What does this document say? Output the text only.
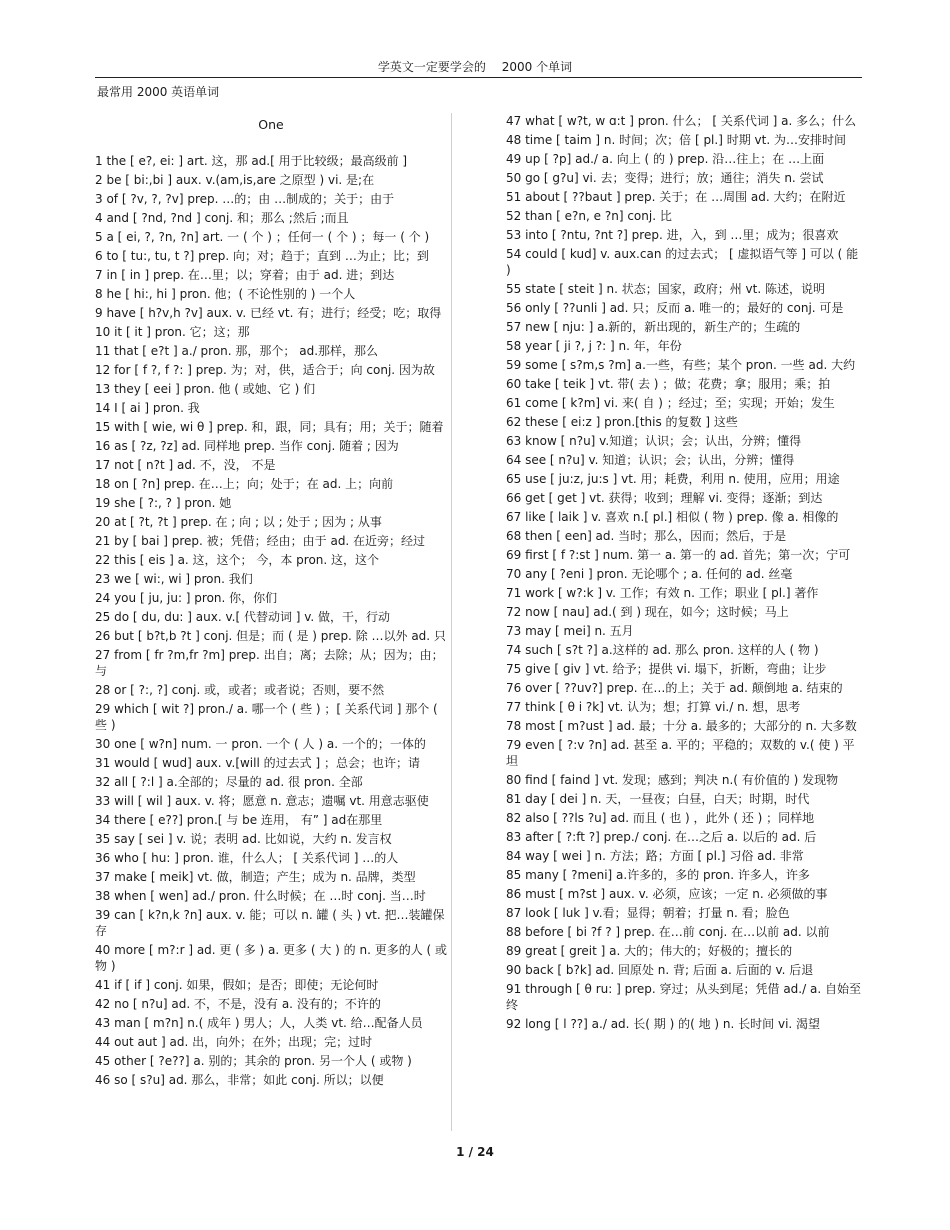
学英文一定要学会的　 2000 个单词
最常用 2000 英语单词
One
1 the [ e?, ei: ] art. 这，那 ad.[ 用于比较级；最高级前 ]
2 be [ bi:,bi ] aux. v.(am,is,are 之原型 ) vi. 是;在
3 of [ ?v, ?, ?v] prep. …的；由 …制成的；关于；由于
4 and [ ?nd, ?nd ] conj. 和；那么 ;然后 ;而且
5 a [ ei, ?, ?n, ?n] art. 一 ( 个 ) ；任何一 ( 个 ) ；每一 ( 个 )
6 to [ tu:, tu, t ?] prep. 向；对；趋于；直到 …为止；比；到
7 in [ in ] prep. 在…里；以；穿着；由于 ad. 进；到达
8 he [ hi:, hi ] pron. 他；( 不论性别的 ) 一个人
9 have [ h?v,h ?v] aux. v. 已经 vt. 有；进行；经受；吃；取得
10 it [ it ] pron. 它；这；那
11 that [ e?t ] a./ pron. 那，那个； ad.那样，那么
12 for [ f ?, f ?: ] prep. 为；对，供，适合于；向 conj. 因为故
13 they [ eei ] pron. 他 ( 或她、它 ) 们
14 I [ ai ] pron. 我
15 with [ wie, wi θ ] prep. 和，跟，同；具有；用；关于；随着
16 as [ ?z, ?z] ad. 同样地 prep. 当作 conj. 随着 ; 因为
17 not [ n?t ] ad. 不，没， 不是
18 on [ ?n] prep. 在…上；向；处于；在 ad. 上；向前
19 she [ ?:, ? ] pron. 她
20 at [ ?t, ?t ] prep. 在 ; 向 ; 以 ; 处于 ; 因为 ; 从事
21 by [ bai ] prep. 被；凭借；经由；由于 ad. 在近旁；经过
22 this [ eis ] a. 这，这个； 今，本 pron. 这，这个
23 we [ wi:, wi ] pron. 我们
24 you [ ju, ju: ] pron. 你，你们
25 do [ du, du: ] aux. v.[ 代替动词 ] v. 做，干，行动
26 but [ b?t,b ?t ] conj. 但是；而 ( 是 ) prep. 除 …以外 ad. 只
27 from [ fr ?m,fr ?m] prep. 出自；离；去除；从；因为；由；与
28 or [ ?:, ?] conj. 或，或者；或者说；否则，要不然
29 which [ wit ?] pron./ a. 哪一个 ( 些 ) ；[ 关系代词 ] 那个 ( 些 )
30 one [ w?n] num. 一 pron. 一个 ( 人 ) a. 一个的；一体的
31 would [ wud] aux. v.[will 的过去式 ] ；总会；也许；请
32 all [ ?:l ] a.全部的；尽量的 ad. 很 pron. 全部
33 will [ wil ] aux. v. 将；愿意 n. 意志；遗嘱 vt. 用意志驱使
34 there [ e??] pron.[ 与 be 连用， 有” ] ad在那里
35 say [ sei ] v. 说；表明 ad. 比如说，大约 n. 发言权
36 who [ hu: ] pron. 谁，什么人； [ 关系代词 ] …的人
37 make [ meik] vt. 做，制造；产生；成为 n. 品牌，类型
38 when [ wen] ad./ pron. 什么时候；在 …时 conj. 当…时
39 can [ k?n,k ?n] aux. v. 能；可以 n. 罐 ( 头 ) vt. 把…装罐保存
40 more [ m?:r ] ad. 更 ( 多 ) a. 更多 ( 大 ) 的 n. 更多的人 ( 或物 )
41 if [ if ] conj. 如果，假如；是否；即使；无论何时
42 no [ n?u] ad. 不，不是，没有 a. 没有的；不许的
43 man [ m?n] n.( 成年 ) 男人；人，人类 vt. 给…配备人员
44 out aut ] ad. 出，向外；在外；出现；完；过时
45 other [ ?e??] a. 别的；其余的 pron. 另一个人 ( 或物 )
46 so [ s?u] ad. 那么，非常；如此 conj. 所以；以便
47 what [ w?t, w ɑ:t ] pron. 什么； [ 关系代词 ] a. 多么；什么
48 time [ taim ] n. 时间；次；倍 [ pl.] 时期 vt. 为…安排时间
49 up [ ?p] ad./ a. 向上 ( 的 ) prep. 沿…往上；在 …上面
50 go [ g?u] vi. 去；变得；进行；放；通往；消失 n. 尝试
51 about [ ??baut ] prep. 关于；在 …周围 ad. 大约；在附近
52 than [ e?n, e ?n] conj. 比
53 into [ ?ntu, ?nt ?] prep. 进，入，到 …里；成为；很喜欢
54 could [ kud] v. aux.can 的过去式； [ 虚拟语气等 ] 可以 ( 能 )
55 state [ steit ] n. 状态；国家，政府；州 vt. 陈述，说明
56 only [ ??unli ] ad. 只；反而 a. 唯一的；最好的 conj. 可是
57 new [ nju: ] a.新的，新出现的，新生产的；生疏的
58 year [ ji ?, j ?: ] n. 年，年份
59 some [ s?m,s ?m] a.一些，有些；某个 pron. 一些 ad. 大约
60 take [ teik ] vt. 带( 去 ) ；做；花费；拿；服用；乘；拍
61 come [ k?m] vi. 来( 自 ) ；经过；至；实现；开始；发生
62 these [ ei:z ] pron.[this 的复数 ] 这些
63 know [ n?u] v.知道；认识；会；认出，分辨；懂得
64 see [ n?u] v. 知道；认识；会；认出，分辨；懂得
65 use [ ju:z, ju:s ] vt. 用；耗费，利用 n. 使用，应用；用途
66 get [ get ] vt. 获得；收到；理解 vi. 变得；逐渐；到达
67 like [ laik ] v. 喜欢 n.[ pl.] 相似 ( 物 ) prep. 像 a. 相像的
68 then [ een] ad. 当时；那么，因而；然后，于是
69 first [ f ?:st ] num. 第一 a. 第一的 ad. 首先；第一次；宁可
70 any [ ?eni ] pron. 无论哪个 ; a. 任何的 ad. 丝毫
71 work [ w?:k ] v. 工作；有效 n. 工作；职业 [ pl.] 著作
72 now [ nau] ad.( 到 ) 现在，如今；这时候；马上
73 may [ mei] n. 五月
74 such [ s?t ?] a.这样的 ad. 那么 pron. 这样的人 ( 物 )
75 give [ giv ] vt. 给予；提供 vi. 塌下，折断，弯曲；让步
76 over [ ??uv?] prep. 在…的上；关于 ad. 颠倒地 a. 结束的
77 think [ θ i ?k] vt. 认为；想；打算 vi./ n. 想，思考
78 most [ m?ust ] ad. 最；十分 a. 最多的；大部分的 n. 大多数
79 even [ ?:v ?n] ad. 甚至 a. 平的；平稳的；双数的 v.( 使 ) 平坦
80 find [ faind ] vt. 发现；感到；判决 n.( 有价值的 ) 发现物
81 day [ dei ] n. 天，一昼夜；白昼，白天；时期，时代
82 also [ ??ls ?u] ad. 而且 ( 也 ) ，此外 ( 还 ) ；同样地
83 after [ ?:ft ?] prep./ conj. 在…之后 a. 以后的 ad. 后
84 way [ wei ] n. 方法；路；方面 [ pl.] 习俗 ad. 非常
85 many [ ?meni] a.许多的，多的 pron. 许多人，许多
86 must [ m?st ] aux. v. 必须，应该；一定 n. 必须做的事
87 look [ luk ] v.看；显得；朝着；打量 n. 看；脸色
88 before [ bi ?f ? ] prep. 在…前 conj. 在…以前 ad. 以前
89 great [ greit ] a. 大的；伟大的；好极的；擅长的
90 back [ b?k] ad. 回原处 n. 背; 后面 a. 后面的 v. 后退
91 through [ θ ru: ] prep. 穿过；从头到尾；凭借 ad./ a. 自始至终
92 long [ l ??] a./ ad. 长( 期 ) 的( 地 ) n. 长时间 vi. 渴望
1 / 24
